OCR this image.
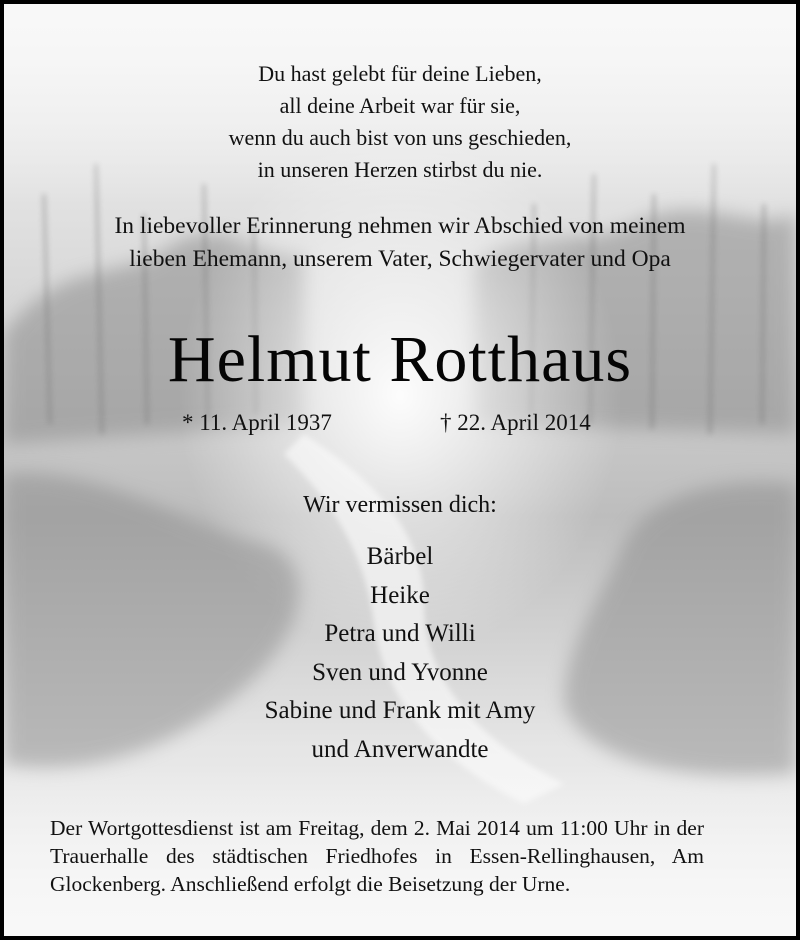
Du hast gelebt für deine Lieben,
all deine Arbeit war für sie,
wenn du auch bist von uns geschieden,
in unseren Herzen stirbst du nie.
In liebevoller Erinnerung nehmen wir Abschied von meinem
lieben Ehemann, unserem Vater, Schwiegervater und Opa
Helmut Rotthaus
* 11. April 1937	† 22. April 2014
Wir vermissen dich:
Bärbel
Heike
Petra und Willi
Sven und Yvonne
Sabine und Frank mit Amy
und Anverwandte
Der Wortgottesdienst ist am Freitag, dem 2. Mai 2014 um 11:00 Uhr in der Trauerhalle des städtischen Friedhofes in Essen-Rellinghausen, Am Glockenberg. Anschließend erfolgt die Beisetzung der Urne.
